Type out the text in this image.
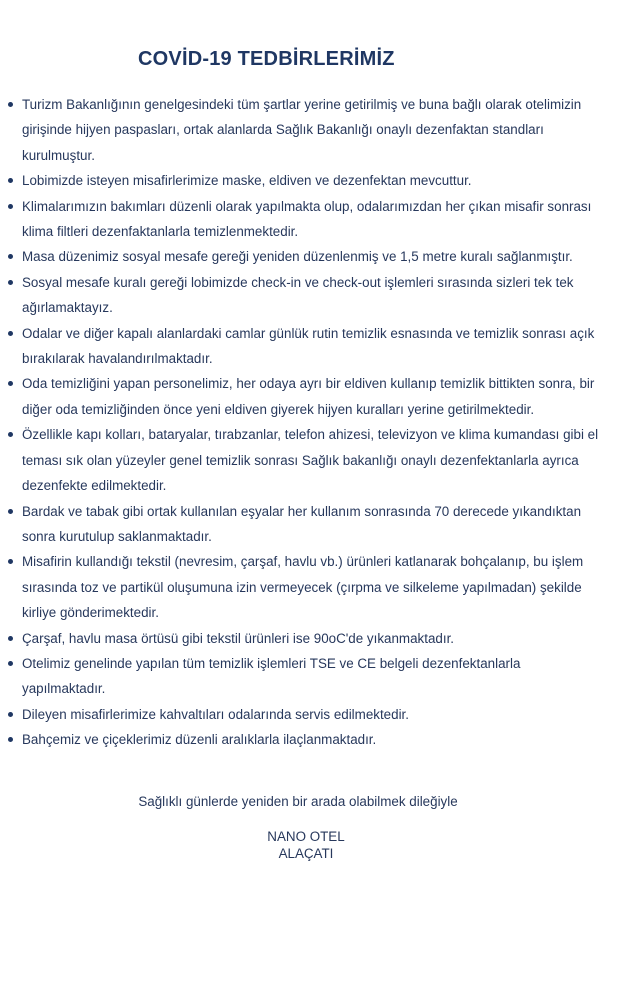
COVİD-19 TEDBİRLERİMİZ
Turizm Bakanlığının genelgesindeki tüm şartlar yerine getirilmiş ve buna bağlı olarak otelimizin girişinde hijyen paspasları, ortak alanlarda Sağlık Bakanlığı onaylı dezenfaktan standları kurulmuştur.
Lobimizde isteyen misafirlerimize maske, eldiven ve dezenfektan mevcuttur.
Klimalarımızın bakımları düzenli olarak yapılmakta olup, odalarımızdan her çıkan misafir sonrası klima filtleri dezenfaktanlarla temizlenmektedir.
Masa düzenimiz sosyal mesafe gereği yeniden düzenlenmiş ve 1,5 metre kuralı sağlanmıştır.
Sosyal mesafe kuralı gereği lobimizde check-in ve check-out işlemleri sırasında sizleri tek tek ağırlamaktayız.
Odalar ve diğer kapalı alanlardaki camlar günlük rutin temizlik esnasında ve temizlik sonrası açık bırakılarak havalandırılmaktadır.
Oda temizliğini yapan personelimiz, her odaya ayrı bir eldiven kullanıp temizlik bittikten sonra, bir diğer oda temizliğinden önce yeni eldiven giyerek hijyen kuralları yerine getirilmektedir.
Özellikle kapı kolları, bataryalar, tırabzanlar, telefon ahizesi, televizyon ve klima kumandası gibi el teması sık olan yüzeyler genel temizlik sonrası Sağlık bakanlığı onaylı dezenfektanlarla ayrıca dezenfekte edilmektedir.
Bardak ve tabak gibi ortak kullanılan eşyalar her kullanım sonrasında 70 derecede yıkandıktan sonra kurutulup saklanmaktadır.
Misafirin kullandığı tekstil (nevresim, çarşaf, havlu vb.) ürünleri katlanarak bohçalanıp, bu işlem sırasında toz ve partikül oluşumuna izin vermeyecek (çırpma ve silkeleme yapılmadan) şekilde kirliye gönderimektedir.
Çarşaf, havlu masa örtüsü gibi tekstil ürünleri ise 90oC'de yıkanmaktadır.
Otelimiz genelinde yapılan tüm temizlik işlemleri TSE ve CE belgeli dezenfektanlarla yapılmaktadır.
Dileyen misafirlerimize kahvaltıları odalarında servis edilmektedir.
Bahçemiz ve çiçeklerimiz düzenli aralıklarla ilaçlanmaktadır.
Sağlıklı günlerde yeniden bir arada olabilmek dileğiyle
NANO OTEL
ALAÇATI
